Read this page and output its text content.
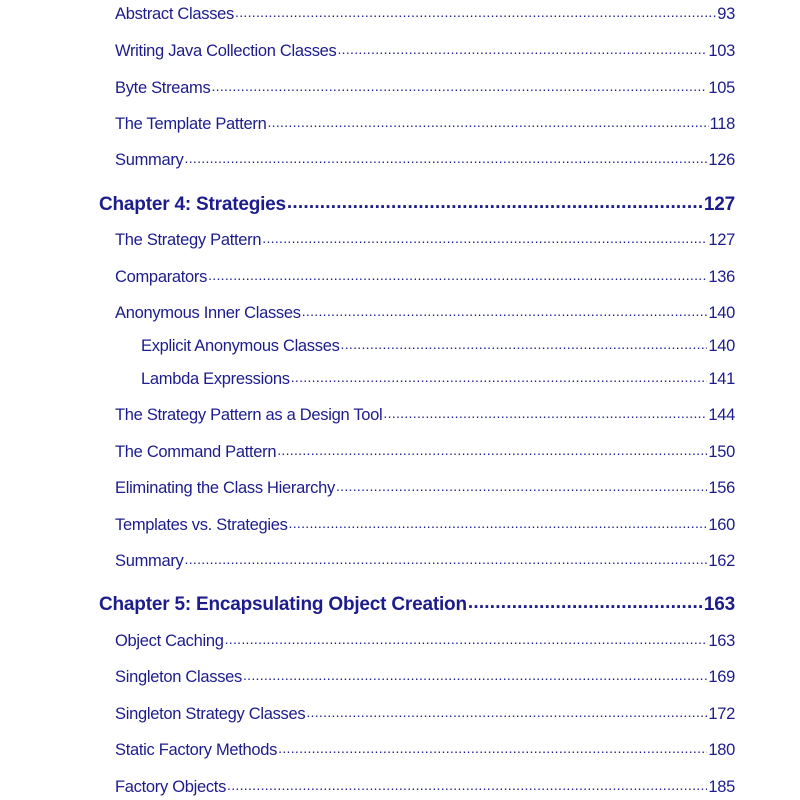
Abstract Classes .....	93
Writing Java Collection Classes .....	103
Byte Streams .....	105
The Template Pattern .....	118
Summary .....	126
Chapter 4: Strategies .....	127
The Strategy Pattern .....	127
Comparators .....	136
Anonymous Inner Classes .....	140
Explicit Anonymous Classes .....	140
Lambda Expressions .....	141
The Strategy Pattern as a Design Tool .....	144
The Command Pattern .....	150
Eliminating the Class Hierarchy .....	156
Templates vs. Strategies .....	160
Summary .....	162
Chapter 5: Encapsulating Object Creation .....	163
Object Caching .....	163
Singleton Classes .....	169
Singleton Strategy Classes .....	172
Static Factory Methods .....	180
Factory Objects .....	185
